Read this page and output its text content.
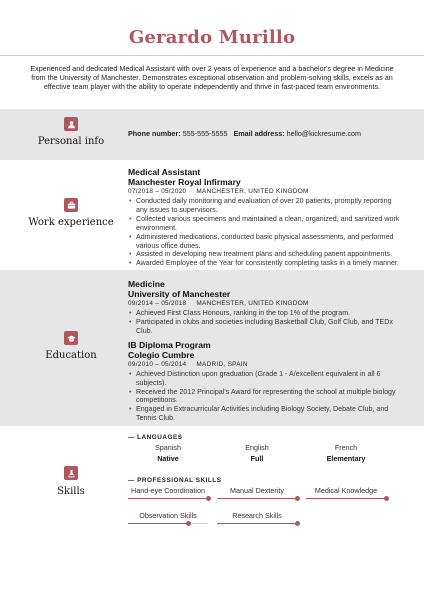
Gerardo Murillo
Experienced and dedicated Medical Assistant with over 2 years of experience and a bachelor's degree in Medicine from the University of Manchester. Demonstrates exceptional observation and problem-solving skills, excels as an effective team player with the ability to operate independently and thrive in fast-paced team environments.
Personal info
Phone number: 555-555-5555 Email address: hello@kickresume.com
Work experience
Medical Assistant
Manchester Royal Infirmary
07/2018 – 05/2020 MANCHESTER, UNITED KINGDOM
• Conducted daily monitoring and evaluation of over 20 patients, promptly reporting any issues to supervisors.
• Collected various specimens and maintained a clean, organized, and sanitized work environment.
• Administered medications, conducted basic physical assessments, and performed various office duties.
• Assisted in developing new treatment plans and scheduling patient appointments.
• Awarded Employee of the Year for consistently completing tasks in a timely manner.
Education
Medicine
University of Manchester
09/2014 – 05/2018 MANCHESTER, UNITED KINGDOM
• Achieved First Class Honours, ranking in the top 1% of the program.
• Participated in clubs and societies including Basketball Club, Golf Club, and TEDx Club.
IB Diploma Program
Colegio Cumbre
09/2010 – 05/2014 MADRID, SPAIN
• Achieved Distinction upon graduation (Grade 1 - A/excellent equivalent in all 6 subjects).
• Received the 2012 Principal's Award for representing the school at multiple biology competitions.
• Engaged in Extracurricular Activities including Biology Society, Debate Club, and Tennis Club.
Skills
— LANGUAGES
Spanish
Native
English
Full
French
Elementary
— PROFESSIONAL SKILLS
Hand-eye Coordination	Manual Dexterity	Medical Knowledge
Observation Skills	Research Skills
